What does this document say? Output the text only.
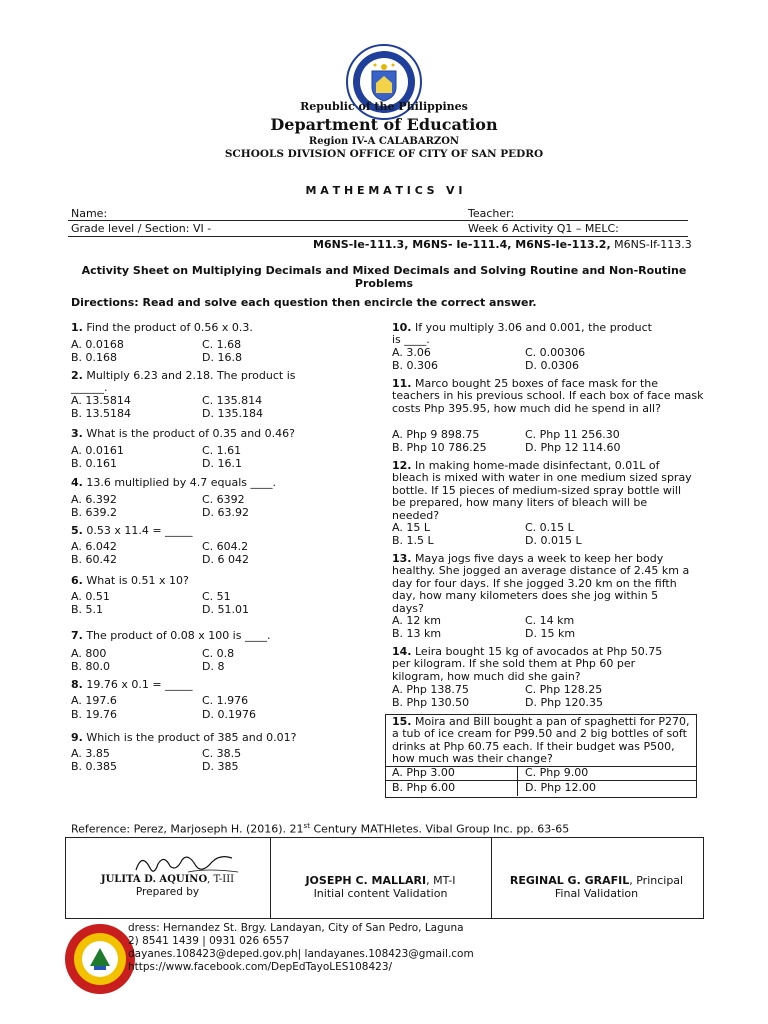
Republic of the Philippines
Department of Education
Region IV-A CALABARZON
SCHOOLS DIVISION OFFICE OF CITY OF SAN PEDRO
M A T H E M A T I C S   V I
Name:	Teacher:
Grade level / Section: VI -	Week 6 Activity Q1 – MELC:
M6NS-Ie-111.3, M6NS- Ie-111.4, M6NS-Ie-113.2, M6NS-If-113.3
Activity Sheet on Multiplying Decimals and Mixed Decimals and Solving Routine and Non-Routine Problems
Directions: Read and solve each question then encircle the correct answer.
1. Find the product of 0.56 x 0.3.
A. 0.0168	C. 1.68
B. 0.168	D. 16.8
2. Multiply 6.23 and 2.18. The product is ______.
A. 13.5814	C. 135.814
B. 13.5184	D. 135.184
3. What is the product of 0.35 and 0.46?
A. 0.0161	C. 1.61
B. 0.161	D. 16.1
4. 13.6 multiplied by 4.7 equals ____.
A. 6.392	C. 6392
B. 639.2	D. 63.92
5. 0.53 x 11.4 = _____
A. 6.042	C. 604.2
B. 60.42	D. 6 042
6. What is 0.51 x 10?
A. 0.51	C. 51
B. 5.1	D. 51.01
7. The product of 0.08 x 100 is ____.
A. 800	C. 0.8
B. 80.0	D. 8
8. 19.76 x 0.1 = _____
A. 197.6	C. 1.976
B. 19.76	D. 0.1976
9. Which is the product of 385 and 0.01?
A. 3.85	C. 38.5
B. 0.385	D. 385
10. If you multiply 3.06 and 0.001, the product is ____.
A. 3.06	C. 0.00306
B. 0.306	D. 0.0306
11. Marco bought 25 boxes of face mask for the teachers in his previous school. If each box of face mask costs Php 395.95, how much did he spend in all?
A. Php 9 898.75	C. Php 11 256.30
B. Php 10 786.25	D. Php 12 114.60
12. In making home-made disinfectant, 0.01L of bleach is mixed with water in one medium sized spray bottle. If 15 pieces of medium-sized spray bottle will be prepared, how many liters of bleach will be needed?
A. 15 L	C. 0.15 L
B. 1.5 L	D. 0.015 L
13. Maya jogs five days a week to keep her body healthy. She jogged an average distance of 2.45 km a day for four days. If she jogged 3.20 km on the fifth day, how many kilometers does she jog within 5 days?
A. 12 km	C. 14 km
B. 13 km	D. 15 km
14. Leira bought 15 kg of avocados at Php 50.75 per kilogram. If she sold them at Php 60 per kilogram, how much did she gain?
A. Php 138.75	C. Php 128.25
B. Php 130.50	D. Php 120.35
15. Moira and Bill bought a pan of spaghetti for P270, a tub of ice cream for P99.50 and 2 big bottles of soft drinks at Php 60.75 each. If their budget was P500, how much was their change?
A. Php 3.00	C. Php 9.00
B. Php 6.00	D. Php 12.00
Reference: Perez, Marjoseph H. (2016). 21st Century MATHletes. Vibal Group Inc. pp. 63-65
JULITA D. AQUINO, T-III
Prepared by
JOSEPH C. MALLARI, MT-I
Initial content Validation
REGINAL G. GRAFIL, Principal
Final Validation
dress: Hernandez St. Brgy. Landayan, City of San Pedro, Laguna
2) 8541 1439 | 0931 026 6557
dayanes.108423@deped.gov.ph| landayanes.108423@gmail.com
https://www.facebook.com/DepEdTayoLES108423/
